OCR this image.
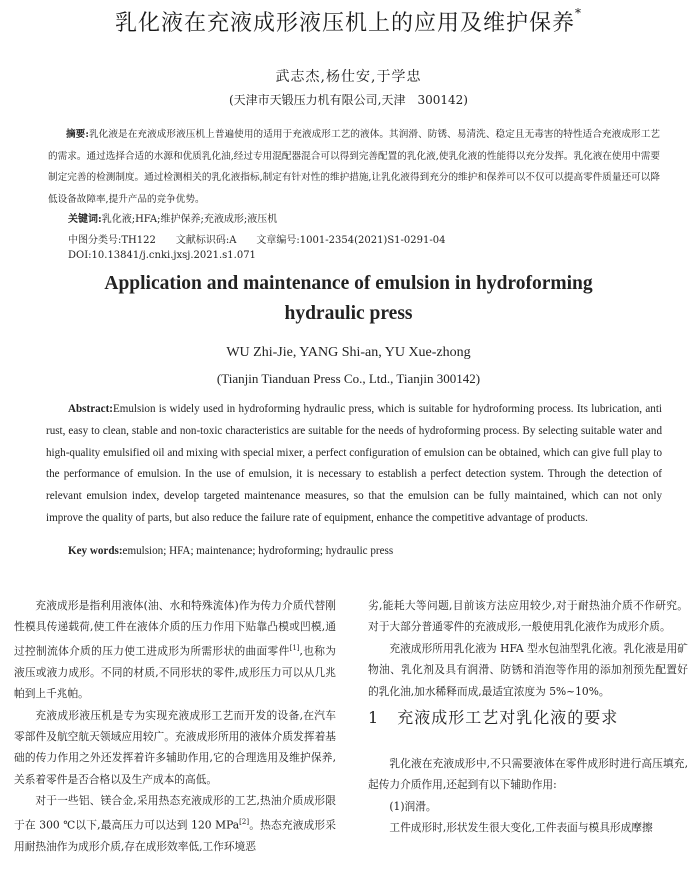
乳化液在充液成形液压机上的应用及维护保养*
武志杰,杨仕安,于学忠
(天津市天锻压力机有限公司,天津　300142)
摘要:乳化液是在充液成形液压机上普遍使用的适用于充液成形工艺的液体。其润滑、防锈、易清洗、稳定且无毒害的特性适合充液成形工艺的需求。通过选择合适的水源和优质乳化油,经过专用混配器混合可以得到完善配置的乳化液,使乳化液的性能得以充分发挥。乳化液在使用中需要制定完善的检测制度。通过检测相关的乳化液指标,制定有针对性的维护措施,让乳化液得到充分的维护和保养可以不仅可以提高零件质量还可以降低设备故障率,提升产品的竞争优势。
关键词:乳化液;HFA;维护保养;充液成形;液压机
中图分类号:TH122　　文献标识码:A　　文章编号:1001-2354(2021)S1-0291-04
DOI:10.13841/j.cnki.jxsj.2021.s1.071
Application and maintenance of emulsion in hydroforming
hydraulic press
WU Zhi-Jie, YANG Shi-an, YU Xue-zhong
(Tianjin Tianduan Press Co., Ltd., Tianjin 300142)
Abstract:Emulsion is widely used in hydroforming hydraulic press, which is suitable for hydroforming process. Its lubrication, anti rust, easy to clean, stable and non-toxic characteristics are suitable for the needs of hydroforming process. By selecting suitable water and high-quality emulsified oil and mixing with special mixer, a perfect configuration of emulsion can be obtained, which can give full play to the performance of emulsion. In the use of emulsion, it is necessary to establish a perfect detection system. Through the detection of relevant emulsion index, develop targeted maintenance measures, so that the emulsion can be fully maintained, which can not only improve the quality of parts, but also reduce the failure rate of equipment, enhance the competitive advantage of products.
Key words:emulsion; HFA; maintenance; hydroforming; hydraulic press

充液成形是指利用液体(油、水和特殊流体)作为传力介质代替刚性模具传递载荷,使工件在液体介质的压力作用下贴靠凸模或凹模,通过控制流体介质的压力使工进成形为所需形状的曲面零件[1],也称为液压或液力成形。不同的材质,不同形状的零件,成形压力可以从几兆帕到上千兆帕。

充液成形液压机是专为实现充液成形工艺而开发的设备,在汽车零部件及航空航天领域应用较广。充液成形所用的液体介质发挥着基础的传力作用之外还发挥着许多辅助作用,它的合理选用及维护保养,关系着零件是否合格以及生产成本的高低。

对于一些铝、镁合金,采用热态充液成形的工艺,热油介质成形限于在 300 ℃以下,最高压力可以达到 120 MPa[2]。热态充液成形采用耐热油作为成形介质,存在成形效率低,工作环境恶

劣,能耗大等问题,目前该方法应用较少,对于耐热油介质不作研究。对于大部分普通零件的充液成形,一般使用乳化液作为成形介质。

充液成形所用乳化液为 HFA 型水包油型乳化液。乳化液是用矿物油、乳化剂及具有润滑、防锈和消泡等作用的添加剂预先配置好的乳化油,加水稀释而成,最适宜浓度为 5%~10%。

1 充液成形工艺对乳化液的要求

乳化液在充液成形中,不只需要液体在零件成形时进行高压填充,起传力介质作用,还起到有以下辅助作用:

(1)润滑。

工件成形时,形状发生很大变化,工件表面与模具形成摩擦
